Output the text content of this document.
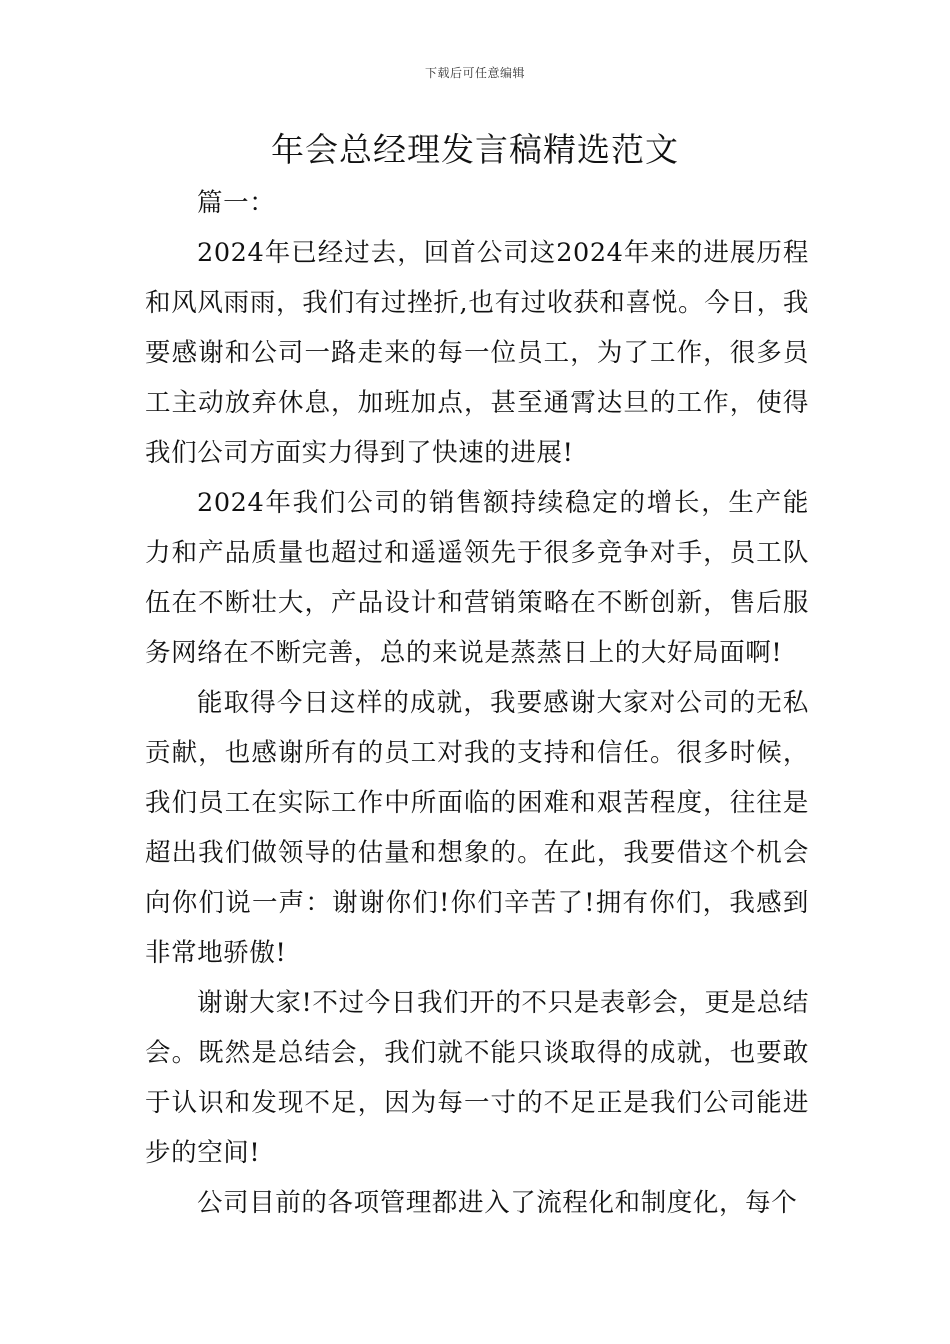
下载后可任意编辑
年会总经理发言稿精选范文

篇一：

2024年已经过去，回首公司这2024年来的进展历程和风风雨雨，我们有过挫折,也有过收获和喜悦。今日，我要感谢和公司一路走来的每一位员工，为了工作，很多员工主动放弃休息，加班加点，甚至通霄达旦的工作，使得我们公司方面实力得到了快速的进展!

2024年我们公司的销售额持续稳定的增长，生产能力和产品质量也超过和遥遥领先于很多竞争对手，员工队伍在不断壮大，产品设计和营销策略在不断创新，售后服务网络在不断完善，总的来说是蒸蒸日上的大好局面啊!

能取得今日这样的成就，我要感谢大家对公司的无私贡献，也感谢所有的员工对我的支持和信任。很多时候，我们员工在实际工作中所面临的困难和艰苦程度，往往是超出我们做领导的估量和想象的。在此，我要借这个机会向你们说一声：谢谢你们!你们辛苦了!拥有你们，我感到非常地骄傲!

谢谢大家!不过今日我们开的不只是表彰会，更是总结会。既然是总结会，我们就不能只谈取得的成就，也要敢于认识和发现不足，因为每一寸的不足正是我们公司能进步的空间!

公司目前的各项管理都进入了流程化和制度化，每个
